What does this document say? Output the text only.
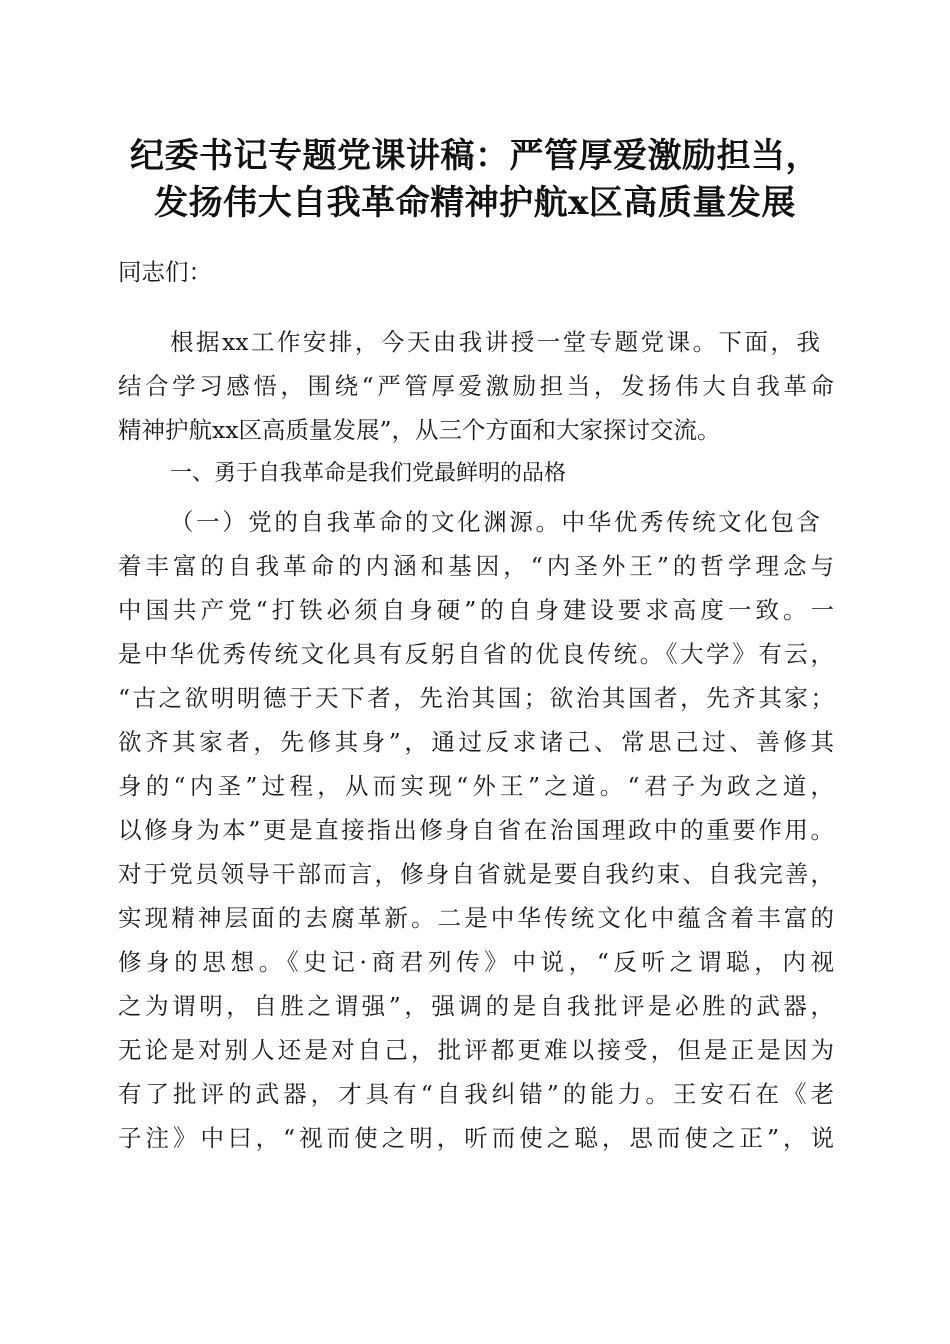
纪委书记专题党课讲稿：严管厚爱激励担当，
发扬伟大自我革命精神护航x区高质量发展
同志们：
根据xx工作安排，今天由我讲授一堂专题党课。下面，我
结合学习感悟，围绕“严管厚爱激励担当，发扬伟大自我革命
精神护航xx区高质量发展”，从三个方面和大家探讨交流。
一、勇于自我革命是我们党最鲜明的品格
（一）党的自我革命的文化渊源。中华优秀传统文化包含
着丰富的自我革命的内涵和基因，“内圣外王”的哲学理念与
中国共产党“打铁必须自身硬”的自身建设要求高度一致。一
是中华优秀传统文化具有反躬自省的优良传统。《大学》有云，
“古之欲明明德于天下者，先治其国；欲治其国者，先齐其家；
欲齐其家者，先修其身”，通过反求诸己、常思己过、善修其
身的“内圣”过程，从而实现“外王”之道。“君子为政之道，
以修身为本”更是直接指出修身自省在治国理政中的重要作用。
对于党员领导干部而言，修身自省就是要自我约束、自我完善，
实现精神层面的去腐革新。二是中华传统文化中蕴含着丰富的
修身的思想。《史记·商君列传》中说，“反听之谓聪，内视
之为谓明，自胜之谓强”，强调的是自我批评是必胜的武器，
无论是对别人还是对自己，批评都更难以接受，但是正是因为
有了批评的武器，才具有“自我纠错”的能力。王安石在《老
子注》中曰，“视而使之明，听而使之聪，思而使之正”，说
